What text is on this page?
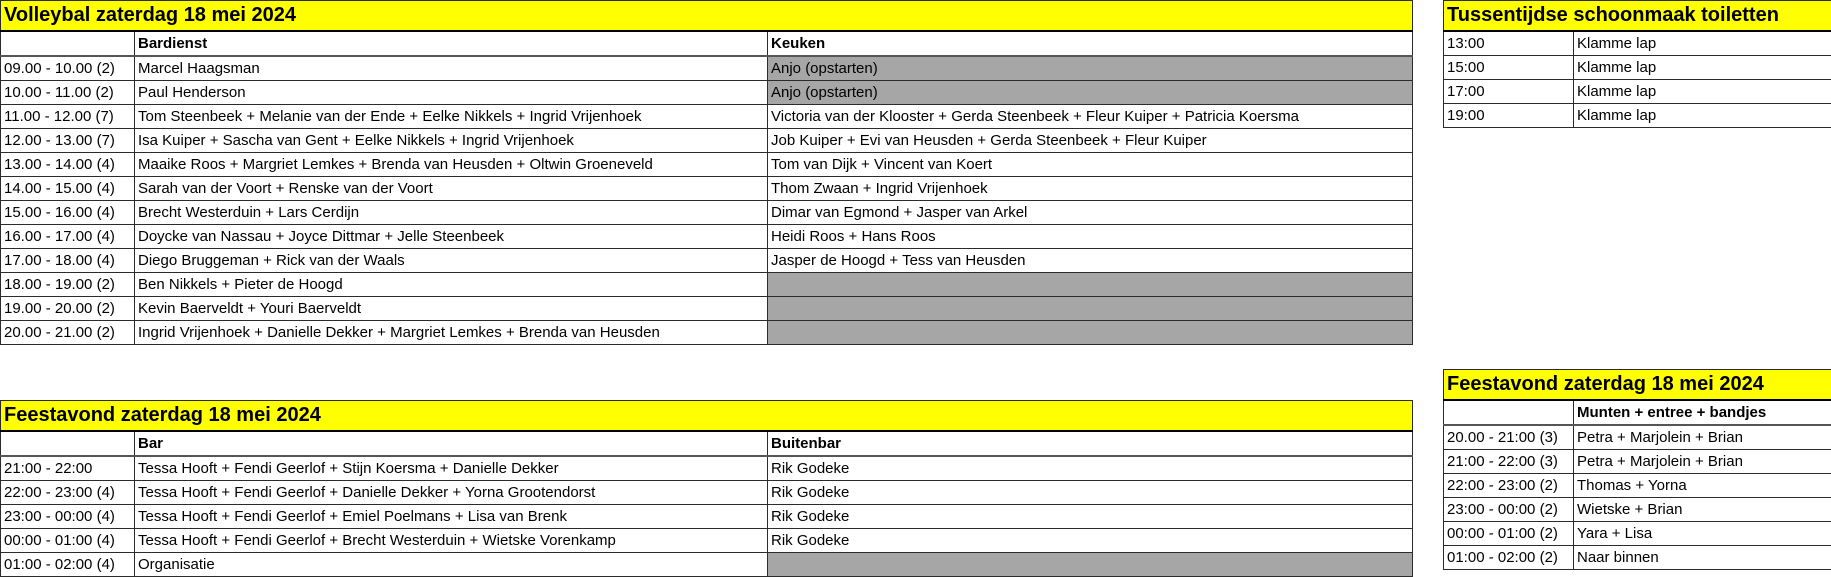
Volleybal zaterdag 18 mei 2024		
	Bardienst	Keuken
09.00 - 10.00 (2)	Marcel Haagsman	Anjo (opstarten)
10.00 - 11.00 (2)	Paul Henderson	Anjo (opstarten)
11.00 - 12.00 (7)	Tom Steenbeek + Melanie van der Ende + Eelke Nikkels + Ingrid Vrijenhoek	Victoria van der Klooster + Gerda Steenbeek + Fleur Kuiper + Patricia Koersma
12.00 - 13.00 (7)	Isa Kuiper + Sascha van Gent + Eelke Nikkels + Ingrid Vrijenhoek	Job Kuiper + Evi van Heusden + Gerda Steenbeek + Fleur Kuiper
13.00 - 14.00 (4)	Maaike Roos + Margriet Lemkes + Brenda van Heusden + Oltwin Groeneveld	Tom van Dijk + Vincent van Koert
14.00 - 15.00 (4)	Sarah van der Voort + Renske van der Voort	Thom Zwaan + Ingrid Vrijenhoek
15.00 - 16.00 (4)	Brecht Westerduin + Lars Cerdijn	Dimar van Egmond + Jasper van Arkel
16.00 - 17.00 (4)	Doycke van Nassau + Joyce Dittmar + Jelle Steenbeek	Heidi Roos + Hans Roos
17.00 - 18.00 (4)	Diego Bruggeman + Rick van der Waals	Jasper de Hoogd + Tess van Heusden
18.00 - 19.00 (2)	Ben Nikkels + Pieter de Hoogd	
19.00 - 20.00 (2)	Kevin Baerveldt + Youri Baerveldt	
20.00 - 21.00 (2)	Ingrid Vrijenhoek + Danielle Dekker + Margriet Lemkes + Brenda van Heusden	
Tussentijdse schoonmaak toiletten	
13:00	Klamme lap
15:00	Klamme lap
17:00	Klamme lap
19:00	Klamme lap
Feestavond zaterdag 18 mei 2024		
	Bar	Buitenbar
21:00 - 22:00	Tessa Hooft + Fendi Geerlof + Stijn Koersma + Danielle Dekker	Rik Godeke
22:00 - 23:00 (4)	Tessa Hooft + Fendi Geerlof + Danielle Dekker + Yorna Grootendorst	Rik Godeke
23:00 - 00:00 (4)	Tessa Hooft + Fendi Geerlof + Emiel Poelmans + Lisa van Brenk	Rik Godeke
00:00 - 01:00 (4)	Tessa Hooft + Fendi Geerlof + Brecht Westerduin + Wietske Vorenkamp	Rik Godeke
01:00 - 02:00 (4)	Organisatie	
Feestavond zaterdag 18 mei 2024	
	Munten + entree + bandjes
20.00 - 21:00 (3)	Petra + Marjolein + Brian
21:00 - 22:00 (3)	Petra + Marjolein + Brian
22:00 - 23:00 (2)	Thomas + Yorna
23:00 - 00:00 (2)	Wietske + Brian
00:00 - 01:00 (2)	Yara + Lisa
01:00 - 02:00 (2)	Naar binnen
